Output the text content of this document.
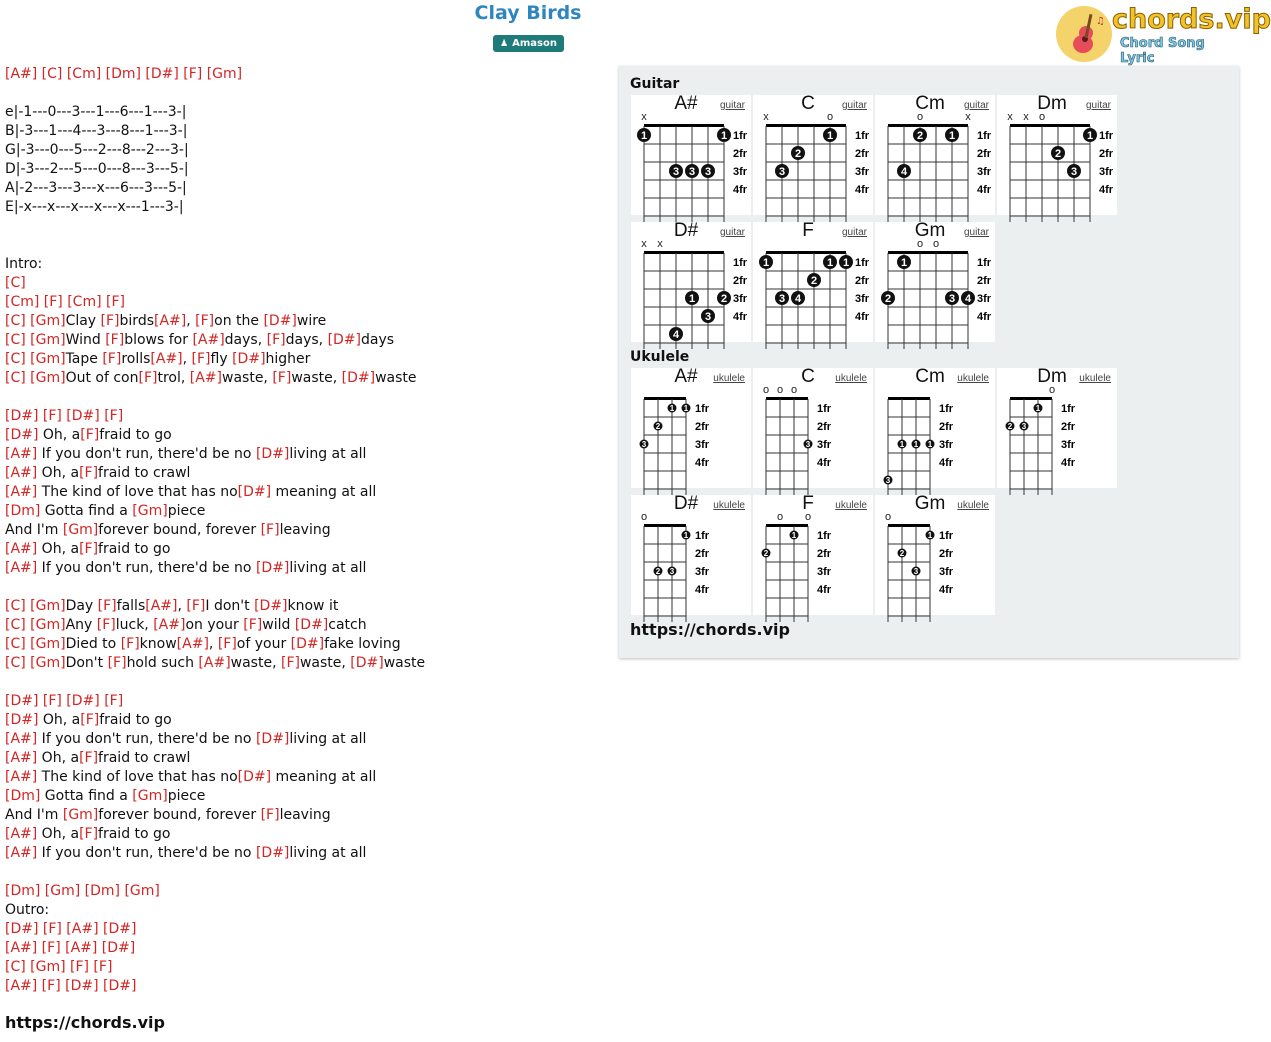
Clay Birds
♟ Amason
♫ chords.vip
Chord Song Lyric
[A#] [C] [Cm] [Dm] [D#] [F] [Gm]
e|-1---0---3---1---6---1---3-|
B|-3---1---4---3---8---1---3-|
G|-3---0---5---2---8---2---3-|
D|-3---2---5---0---8---3---5-|
A|-2---3---3---x---6---3---5-|
E|-x---x---x---x---x---1---3-|
Intro:
[C]
[Cm] [F] [Cm] [F]
[C] [Gm]Clay [F]birds[A#], [F]on the [D#]wire
[C] [Gm]Wind [F]blows for [A#]days, [F]days, [D#]days
[C] [Gm]Tape [F]rolls[A#], [F]fly [D#]higher
[C] [Gm]Out of con[F]trol, [A#]waste, [F]waste, [D#]waste
[D#] [F] [D#] [F]
[D#] Oh, a[F]fraid to go
[A#] If you don't run, there'd be no [D#]living at all
[A#] Oh, a[F]fraid to crawl
[A#] The kind of love that has no[D#] meaning at all
[Dm] Gotta find a [Gm]piece
And I'm [Gm]forever bound, forever [F]leaving
[A#] Oh, a[F]fraid to go
[A#] If you don't run, there'd be no [D#]living at all
[C] [Gm]Day [F]falls[A#], [F]I don't [D#]know it
[C] [Gm]Any [F]luck, [A#]on your [F]wild [D#]catch
[C] [Gm]Died to [F]know[A#], [F]of your [D#]fake loving
[C] [Gm]Don't [F]hold such [A#]waste, [F]waste, [D#]waste
[D#] [F] [D#] [F]
[D#] Oh, a[F]fraid to go
[A#] If you don't run, there'd be no [D#]living at all
[A#] Oh, a[F]fraid to crawl
[A#] The kind of love that has no[D#] meaning at all
[Dm] Gotta find a [Gm]piece
And I'm [Gm]forever bound, forever [F]leaving
[A#] Oh, a[F]fraid to go
[A#] If you don't run, there'd be no [D#]living at all
[Dm] [Gm] [Dm] [Gm]
Outro:
[D#] [F] [A#] [D#]
[A#] [F] [A#] [D#]
[C] [Gm] [F] [F]
[A#] [F] [D#] [D#]
https://chords.vip
Guitar
Ukulele
https://chords.vip
1fr
2fr
3fr
4fr
x
1	1
3 3 3
A#	guitar
1fr
2fr
3fr
4fr
x	o
1
2
3
C	guitar
1fr
2fr
3fr
4fr
o	x
2 1
4
Cm	guitar
1fr
2fr
3fr
4fr
x x o
1
2
3
Dm	guitar
1fr
2fr
3fr
4fr
x x
1 2
3
4
D#	guitar
1fr
2fr
3fr
4fr
1	1 1
2
3 4
F	guitar
1fr
2fr
3fr
4fr
o o
1
2	3 4
Gm	guitar
1fr
2fr
3fr
4fr
1 1
2
3
A#	ukulele
1fr
2fr
3fr
4fr
o o o
3
C	ukulele
1fr
2fr
3fr
4fr
1 1 1
3
Cm	ukulele
1fr
2fr
3fr
4fr
o
1
2 3
Dm	ukulele
1fr
2fr
3fr
4fr
o
1
2 3
D#	ukulele
1fr
2fr
3fr
4fr
o o
1
2
F	ukulele
1fr
2fr
3fr
4fr
o
1
2
3
Gm	ukulele
